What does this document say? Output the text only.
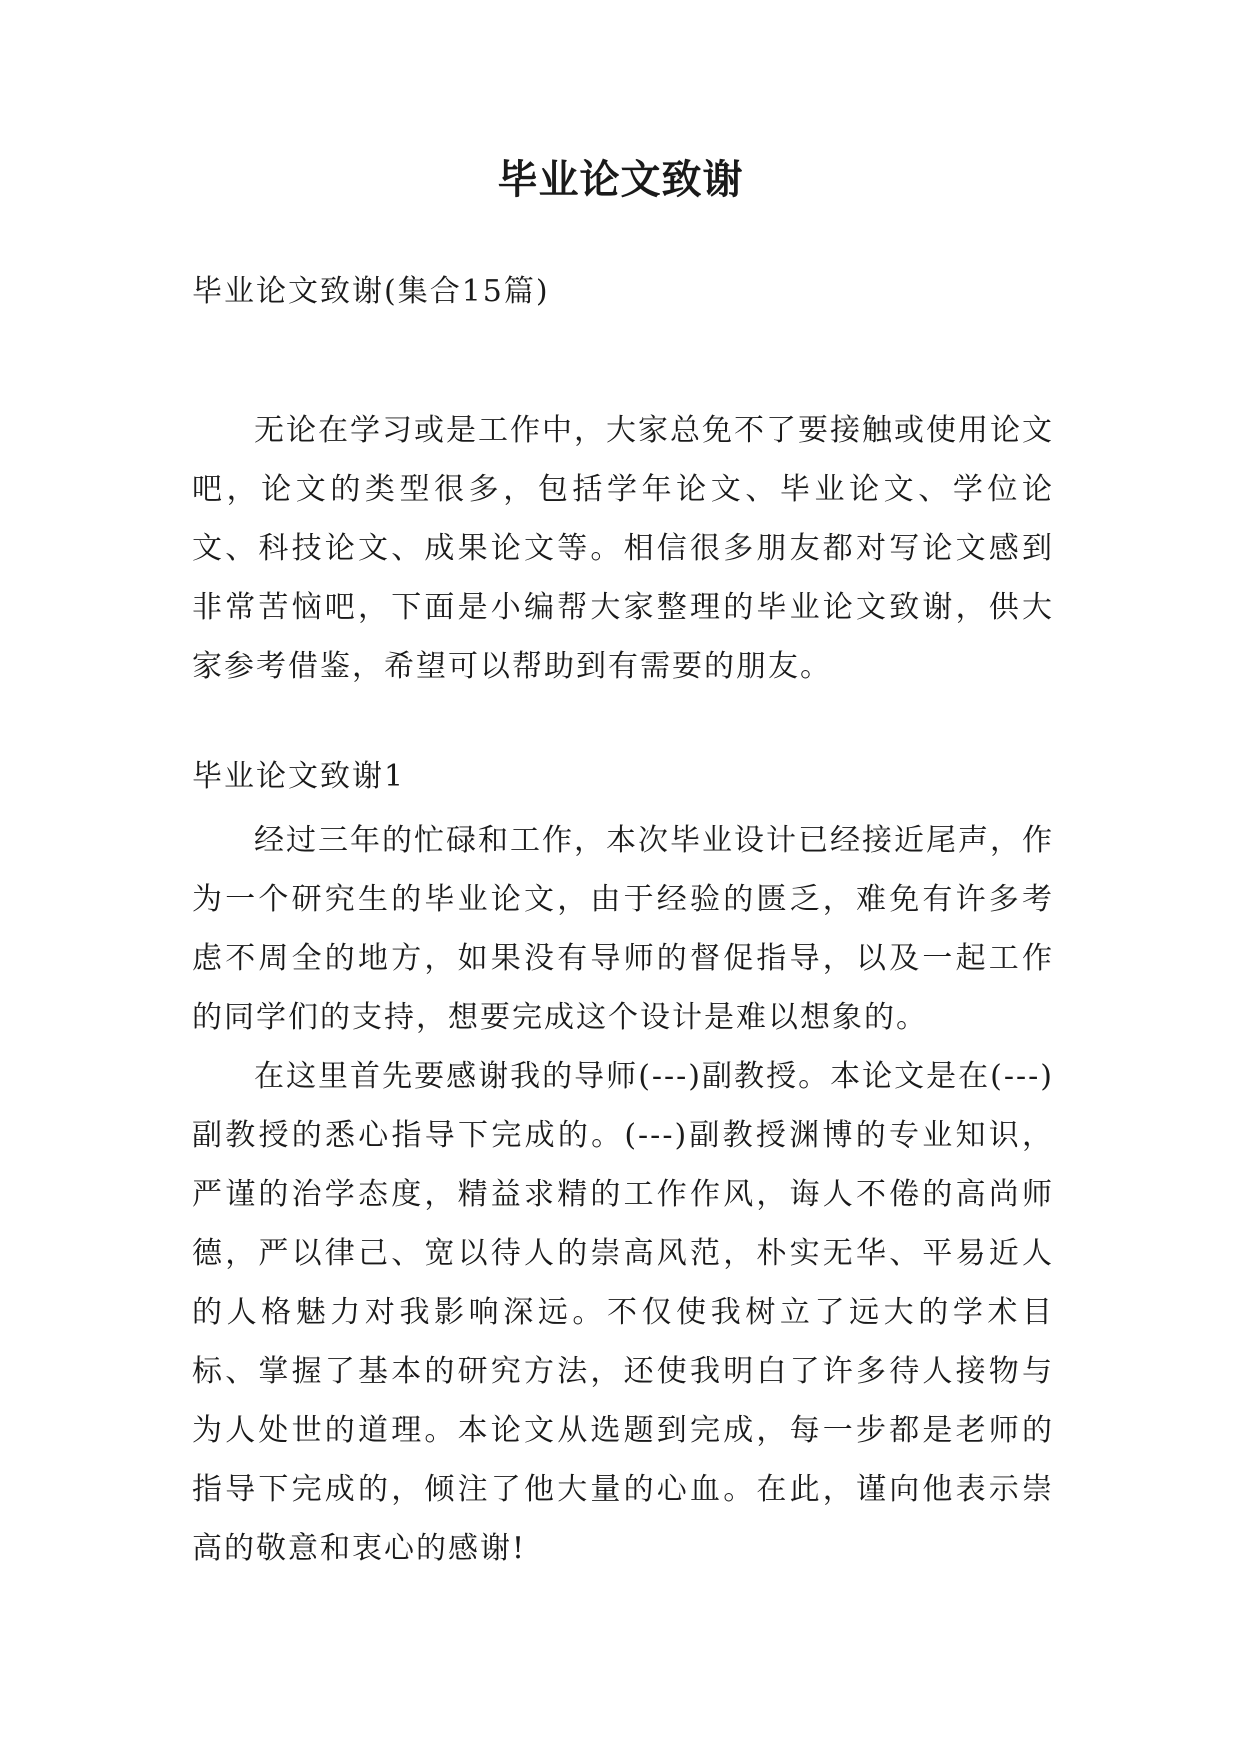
毕业论文致谢

毕业论文致谢(集合15篇)

无论在学习或是工作中，大家总免不了要接触或使用论文吧，论文的类型很多，包括学年论文、毕业论文、学位论文、科技论文、成果论文等。相信很多朋友都对写论文感到非常苦恼吧，下面是小编帮大家整理的毕业论文致谢，供大家参考借鉴，希望可以帮助到有需要的朋友。

毕业论文致谢1

经过三年的忙碌和工作，本次毕业设计已经接近尾声，作为一个研究生的毕业论文，由于经验的匮乏，难免有许多考虑不周全的地方，如果没有导师的督促指导，以及一起工作的同学们的支持，想要完成这个设计是难以想象的。

在这里首先要感谢我的导师(---)副教授。本论文是在(---)副教授的悉心指导下完成的。(---)副教授渊博的专业知识，严谨的治学态度，精益求精的工作作风，诲人不倦的高尚师德，严以律己、宽以待人的崇高风范，朴实无华、平易近人的人格魅力对我影响深远。不仅使我树立了远大的学术目标、掌握了基本的研究方法，还使我明白了许多待人接物与为人处世的道理。本论文从选题到完成，每一步都是老师的指导下完成的，倾注了他大量的心血。在此，谨向他表示崇高的敬意和衷心的感谢!
